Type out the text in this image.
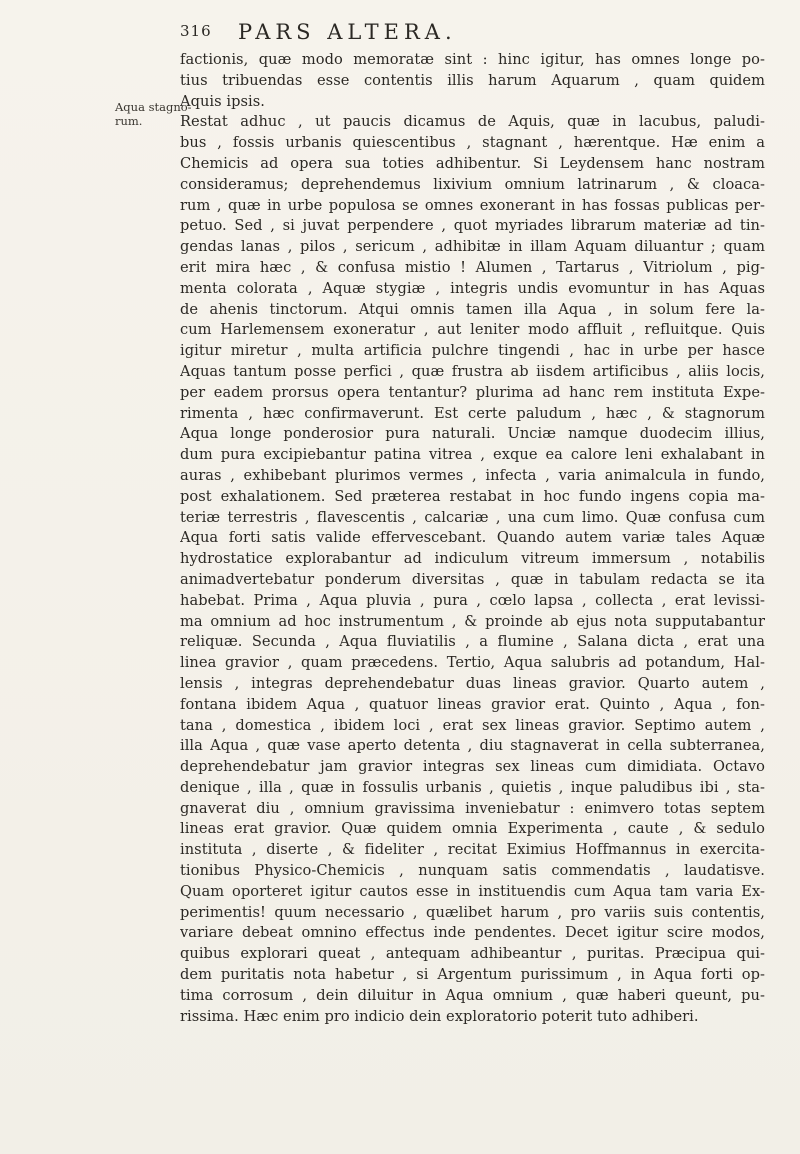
316 PARS ALTERA.
Aqua stagno-
rum.
factionis, quæ modo memoratæ sint : hinc igitur, has omnes longe po-
tius tribuendas esse contentis illis harum Aquarum , quam quidem
Aquis ipsis.
Restat adhuc , ut paucis dicamus de Aquis, quæ in lacubus, paludi-
bus , fossis urbanis quiescentibus , stagnant , hærentque. Hæ enim a
Chemicis ad opera sua toties adhibentur. Si Leydensem hanc nostram
consideramus; deprehendemus lixivium omnium latrinarum , & cloaca-
rum , quæ in urbe populosa se omnes exonerant in has fossas publicas per-
petuo. Sed , si juvat perpendere , quot myriades librarum materiæ ad tin-
gendas lanas , pilos , sericum , adhibitæ in illam Aquam diluantur ; quam
erit mira hæc , & confusa mistio ! Alumen , Tartarus , Vitriolum , pig-
menta colorata , Aquæ stygiæ , integris undis evomuntur in has Aquas
de ahenis tinctorum. Atqui omnis tamen illa Aqua , in solum fere la-
cum Harlemensem exoneratur , aut leniter modo affluit , refluitque. Quis
igitur miretur , multa artificia pulchre tingendi , hac in urbe per hasce
Aquas tantum posse perfici , quæ frustra ab iisdem artificibus , aliis locis,
per eadem prorsus opera tentantur? plurima ad hanc rem instituta Expe-
rimenta , hæc confirmaverunt. Est certe paludum , hæc , & stagnorum
Aqua longe ponderosior pura naturali. Unciæ namque duodecim illius,
dum pura excipiebantur patina vitrea , exque ea calore leni exhalabant in
auras , exhibebant plurimos vermes , infecta , varia animalcula in fundo,
post exhalationem. Sed præterea restabat in hoc fundo ingens copia ma-
teriæ terrestris , flavescentis , calcariæ , una cum limo. Quæ confusa cum
Aqua forti satis valide effervescebant. Quando autem variæ tales Aquæ
hydrostatice explorabantur ad indiculum vitreum immersum , notabilis
animadvertebatur ponderum diversitas , quæ in tabulam redacta se ita
habebat. Prima , Aqua pluvia , pura , cœlo lapsa , collecta , erat levissi-
ma omnium ad hoc instrumentum , & proinde ab ejus nota supputabantur
reliquæ. Secunda , Aqua fluviatilis , a flumine , Salana dicta , erat una
linea gravior , quam præcedens. Tertio, Aqua salubris ad potandum, Hal-
lensis , integras deprehendebatur duas lineas gravior. Quarto autem ,
fontana ibidem Aqua , quatuor lineas gravior erat. Quinto , Aqua , fon-
tana , domestica , ibidem loci , erat sex lineas gravior. Septimo autem ,
illa Aqua , quæ vase aperto detenta , diu stagnaverat in cella subterranea,
deprehendebatur jam gravior integras sex lineas cum dimidiata. Octavo
denique , illa , quæ in fossulis urbanis , quietis , inque paludibus ibi , sta-
gnaverat diu , omnium gravissima inveniebatur : enimvero totas septem
lineas erat gravior. Quæ quidem omnia Experimenta , caute , & sedulo
instituta , diserte , & fideliter , recitat Eximius Hoffmannus in exercita-
tionibus Physico-Chemicis , nunquam satis commendatis , laudatisve.
Quam oporteret igitur cautos esse in instituendis cum Aqua tam varia Ex-
perimentis! quum necessario , quælibet harum , pro variis suis contentis,
variare debeat omnino effectus inde pendentes. Decet igitur scire modos,
quibus explorari queat , antequam adhibeantur , puritas. Præcipua qui-
dem puritatis nota habetur , si Argentum purissimum , in Aqua forti op-
tima corrosum , dein diluitur in Aqua omnium , quæ haberi queunt, pu-
rissima. Hæc enim pro indicio dein exploratorio poterit tuto adhiberi.
